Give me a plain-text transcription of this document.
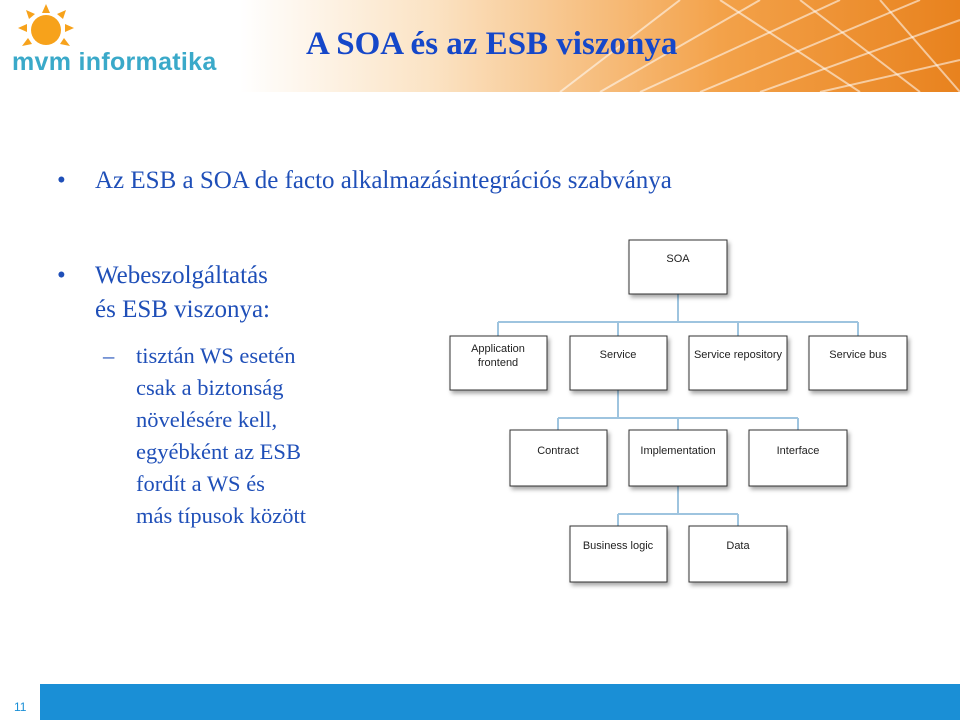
mvm informatika	A SOA és az ESB viszonya
• Az ESB a SOA de facto alkalmazásintegrációs szabványa
• Webeszolgáltatás
és ESB viszonya:
– tisztán WS esetén
csak a biztonság
növelésére kell,
egyébként az ESB
fordít a WS és
más típusok között
SOA
Application
frontend
Service	Service repository	Service bus
Contract	Implementation	Interface
Business logic	Data
11
